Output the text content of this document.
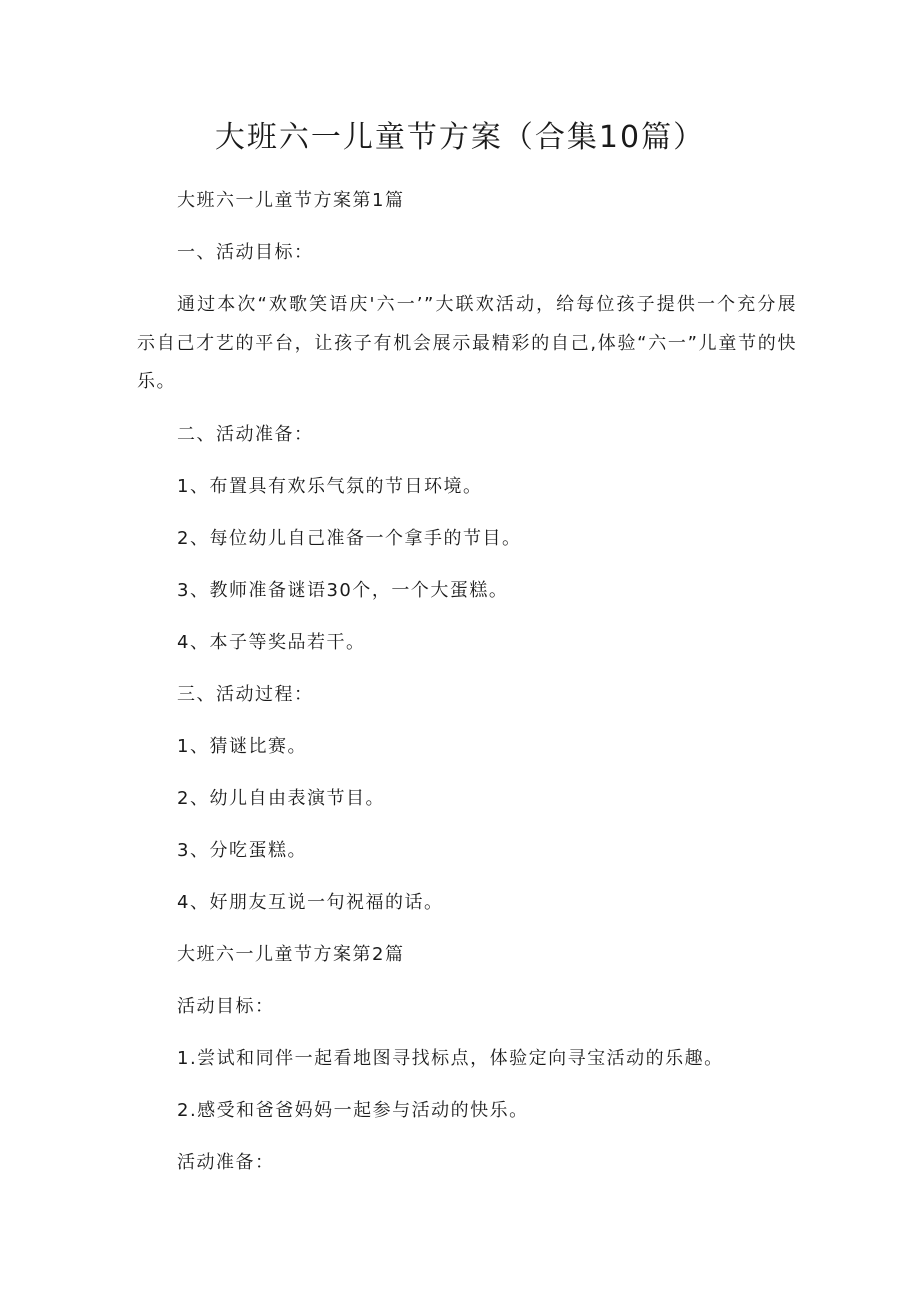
大班六一儿童节方案（合集10篇）

大班六一儿童节方案第1篇

一、活动目标：

通过本次“欢歌笑语庆'六一’”大联欢活动，给每位孩子提供一个充分展示自己才艺的平台，让孩子有机会展示最精彩的自己,体验“六一”儿童节的快乐。

二、活动准备：

1、布置具有欢乐气氛的节日环境。

2、每位幼儿自己准备一个拿手的节目。

3、教师准备谜语30个，一个大蛋糕。

4、本子等奖品若干。

三、活动过程：

1、猜谜比赛。

2、幼儿自由表演节目。

3、分吃蛋糕。

4、好朋友互说一句祝福的话。

大班六一儿童节方案第2篇

活动目标：

1.尝试和同伴一起看地图寻找标点，体验定向寻宝活动的乐趣。

2.感受和爸爸妈妈一起参与活动的快乐。

活动准备：
